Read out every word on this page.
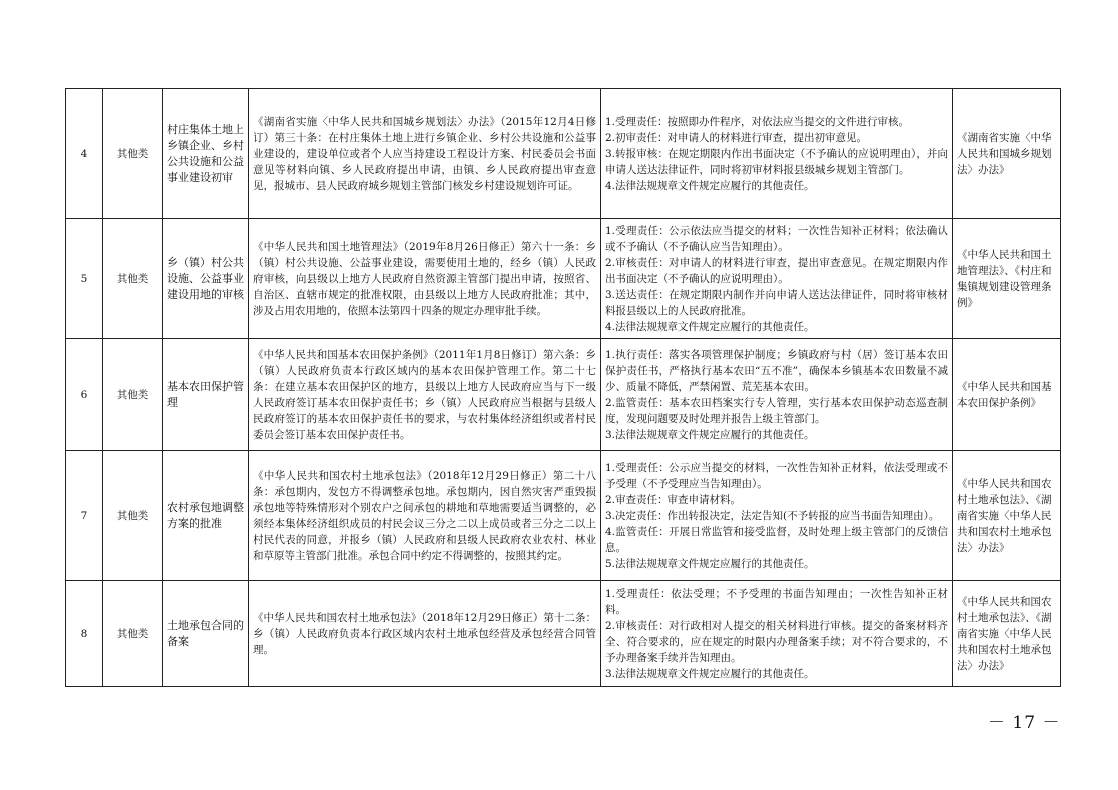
4	其他类	村庄集体土地上乡镇企业、乡村公共设施和公益事业建设初审	《湖南省实施〈中华人民共和国城乡规划法〉办法》（2015年12月4日修订）第三十条：在村庄集体土地上进行乡镇企业、乡村公共设施和公益事业建设的，建设单位或者个人应当持建设工程设计方案、村民委员会书面意见等材料向镇、乡人民政府提出申请，由镇、乡人民政府提出审查意见，报城市、县人民政府城乡规划主管部门核发乡村建设规划许可证。	1.受理责任：按照即办件程序，对依法应当提交的文件进行审核。
2.初审责任：对申请人的材料进行审查，提出初审意见。
3.转报审核：在规定期限内作出书面决定（不予确认的应说明理由），并向申请人送达法律证件，同时将初审材料报县级城乡规划主管部门。
4.法律法规规章文件规定应履行的其他责任。	《湖南省实施〈中华人民共和国城乡规划法〉办法》
5	其他类	乡（镇）村公共设施、公益事业建设用地的审核	《中华人民共和国土地管理法》（2019年8月26日修正）第六十一条：乡（镇）村公共设施、公益事业建设，需要使用土地的，经乡（镇）人民政府审核，向县级以上地方人民政府自然资源主管部门提出申请，按照省、自治区、直辖市规定的批准权限，由县级以上地方人民政府批准；其中，涉及占用农用地的，依照本法第四十四条的规定办理审批手续。	1.受理责任：公示依法应当提交的材料；一次性告知补正材料；依法确认或不予确认（不予确认应当告知理由）。
2.审核责任：对申请人的材料进行审查，提出审查意见。在规定期限内作出书面决定（不予确认的应说明理由）。
3.送达责任：在规定期限内制作并向申请人送达法律证件，同时将审核材料报县级以上的人民政府批准。
4.法律法规规章文件规定应履行的其他责任。	《中华人民共和国土地管理法》、《村庄和集镇规划建设管理条例》
6	其他类	基本农田保护管理	《中华人民共和国基本农田保护条例》（2011年1月8日修订）第六条：乡（镇）人民政府负责本行政区域内的基本农田保护管理工作。第二十七条：在建立基本农田保护区的地方，县级以上地方人民政府应当与下一级人民政府签订基本农田保护责任书；乡（镇）人民政府应当根据与县级人民政府签订的基本农田保护责任书的要求，与农村集体经济组织或者村民委员会签订基本农田保护责任书。	1.执行责任：落实各项管理保护制度；乡镇政府与村（居）签订基本农田保护责任书，严格执行基本农田“五不准”，确保本乡镇基本农田数量不减少、质量不降低，严禁闲置、荒芜基本农田。
2.监管责任：基本农田档案实行专人管理，实行基本农田保护动态巡查制度，发现问题要及时处理并报告上级主管部门。
3.法律法规规章文件规定应履行的其他责任。	《中华人民共和国基本农田保护条例》
7	其他类	农村承包地调整方案的批准	《中华人民共和国农村土地承包法》（2018年12月29日修正）第二十八条：承包期内，发包方不得调整承包地。承包期内，因自然灾害严重毁损承包地等特殊情形对个别农户之间承包的耕地和草地需要适当调整的，必须经本集体经济组织成员的村民会议三分之二以上成员或者三分之二以上村民代表的同意，并报乡（镇）人民政府和县级人民政府农业农村、林业和草原等主管部门批准。承包合同中约定不得调整的，按照其约定。	1.受理责任：公示应当提交的材料，一次性告知补正材料，依法受理或不予受理（不予受理应当告知理由）。
2.审查责任：审查申请材料。
3.决定责任：作出转报决定，法定告知(不予转报的应当书面告知理由）。
4.监管责任：开展日常监管和接受监督，及时处理上级主管部门的反馈信息。
5.法律法规规章文件规定应履行的其他责任。	《中华人民共和国农村土地承包法》、《湖南省实施〈中华人民共和国农村土地承包法〉办法》
8	其他类	土地承包合同的备案	《中华人民共和国农村土地承包法》（2018年12月29日修正）第十二条：乡（镇）人民政府负责本行政区域内农村土地承包经营及承包经营合同管理。	1.受理责任：依法受理；不予受理的书面告知理由；一次性告知补正材料。
2.审核责任：对行政相对人提交的相关材料进行审核。提交的备案材料齐全、符合要求的，应在规定的时限内办理备案手续；对不符合要求的，不予办理备案手续并告知理由。
3.法律法规规章文件规定应履行的其他责任。	《中华人民共和国农村土地承包法》、《湖南省实施〈中华人民共和国农村土地承包法〉办法》
－ 17 －
